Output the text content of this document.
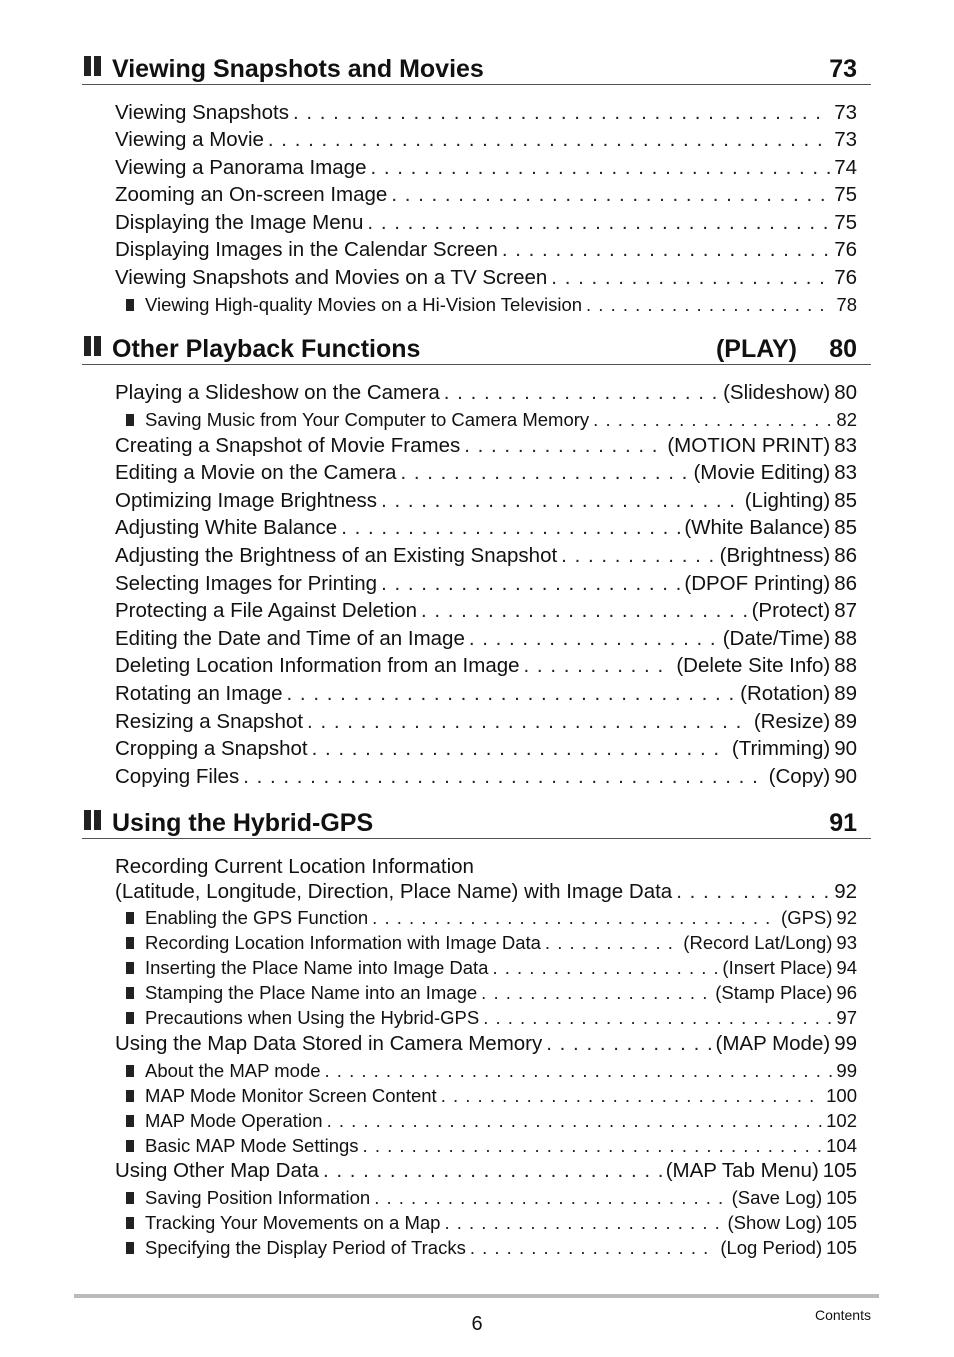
Viewing Snapshots and Movies	73
Viewing Snapshots . . .	73
Viewing a Movie . . .	73
Viewing a Panorama Image . . .	74
Zooming an On-screen Image . . .	75
Displaying the Image Menu . . .	75
Displaying Images in the Calendar Screen . . .	76
Viewing Snapshots and Movies on a TV Screen . . .	76
Viewing High-quality Movies on a Hi-Vision Television . . .	78
Other Playback Functions	(PLAY) 80
Playing a Slideshow on the Camera . . .	(Slideshow) 80
Saving Music from Your Computer to Camera Memory . . .	82
Creating a Snapshot of Movie Frames . . .	(MOTION PRINT) 83
Editing a Movie on the Camera . . .	(Movie Editing) 83
Optimizing Image Brightness . . .	(Lighting) 85
Adjusting White Balance . . .	(White Balance) 85
Adjusting the Brightness of an Existing Snapshot . . .	(Brightness) 86
Selecting Images for Printing . . .	(DPOF Printing) 86
Protecting a File Against Deletion . . .	(Protect) 87
Editing the Date and Time of an Image . . .	(Date/Time) 88
Deleting Location Information from an Image . . .	(Delete Site Info) 88
Rotating an Image . . .	(Rotation) 89
Resizing a Snapshot . . .	(Resize) 89
Cropping a Snapshot . . .	(Trimming) 90
Copying Files . . .	(Copy) 90
Using the Hybrid-GPS	91
Recording Current Location Information
(Latitude, Longitude, Direction, Place Name) with Image Data . . .	92
Enabling the GPS Function . . .	(GPS) 92
Recording Location Information with Image Data . . .	(Record Lat/Long) 93
Inserting the Place Name into Image Data . . .	(Insert Place) 94
Stamping the Place Name into an Image . . .	(Stamp Place) 96
Precautions when Using the Hybrid-GPS . . .	97
Using the Map Data Stored in Camera Memory . . .	(MAP Mode) 99
About the MAP mode . . .	99
MAP Mode Monitor Screen Content . . .	100
MAP Mode Operation . . .	102
Basic MAP Mode Settings . . .	104
Using Other Map Data . . .	(MAP Tab Menu) 105
Saving Position Information . . .	(Save Log) 105
Tracking Your Movements on a Map . . .	(Show Log) 105
Specifying the Display Period of Tracks . . .	(Log Period) 105
6	Contents
